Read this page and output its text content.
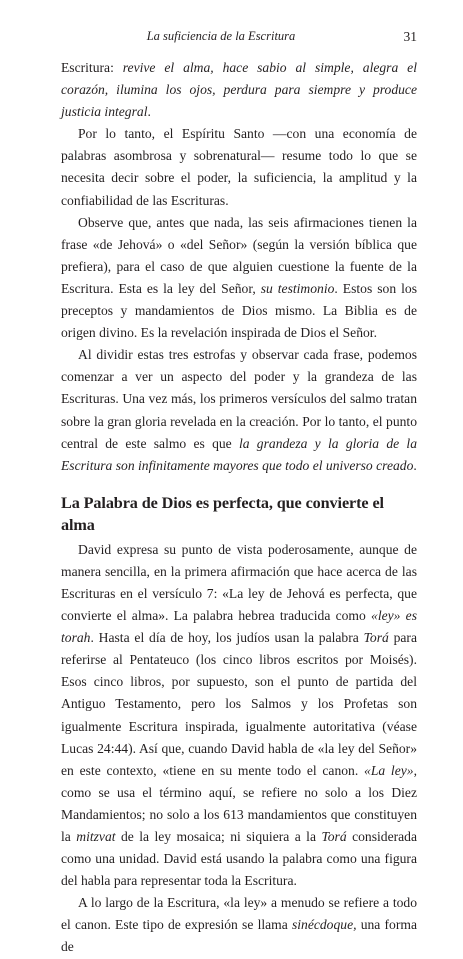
La suficiencia de la Escritura	31

Escritura: revive el alma, hace sabio al simple, alegra el corazón, ilumina los ojos, perdura para siempre y produce justicia integral.

Por lo tanto, el Espíritu Santo —con una economía de palabras asombrosa y sobrenatural— resume todo lo que se necesita decir sobre el poder, la suficiencia, la amplitud y la confiabilidad de las Escrituras.

Observe que, antes que nada, las seis afirmaciones tienen la frase «de Jehová» o «del Señor» (según la versión bíblica que prefiera), para el caso de que alguien cuestione la fuente de la Escritura. Esta es la ley del Señor, su testimonio. Estos son los preceptos y mandamientos de Dios mismo. La Biblia es de origen divino. Es la revelación inspirada de Dios el Señor.

Al dividir estas tres estrofas y observar cada frase, podemos comenzar a ver un aspecto del poder y la grandeza de las Escrituras. Una vez más, los primeros versículos del salmo tratan sobre la gran gloria revelada en la creación. Por lo tanto, el punto central de este salmo es que la grandeza y la gloria de la Escritura son infinitamente mayores que todo el universo creado.

La Palabra de Dios es perfecta, que convierte el alma

David expresa su punto de vista poderosamente, aunque de manera sencilla, en la primera afirmación que hace acerca de las Escrituras en el versículo 7: «La ley de Jehová es perfecta, que convierte el alma». La palabra hebrea traducida como «ley» es torah. Hasta el día de hoy, los judíos usan la palabra Torá para referirse al Pentateuco (los cinco libros escritos por Moisés). Esos cinco libros, por supuesto, son el punto de partida del Antiguo Testamento, pero los Salmos y los Profetas son igualmente Escritura inspirada, igualmente autoritativa (véase Lucas 24:44). Así que, cuando David habla de «la ley del Señor» en este contexto, «tiene en su mente todo el canon. «La ley», como se usa el término aquí, se refiere no solo a los Diez Mandamientos; no solo a los 613 mandamientos que constituyen la mitzvat de la ley mosaica; ni siquiera a la Torá considerada como una unidad. David está usando la palabra como una figura del habla para representar toda la Escritura.

A lo largo de la Escritura, «la ley» a menudo se refiere a todo el canon. Este tipo de expresión se llama sinécdoque, una forma de
